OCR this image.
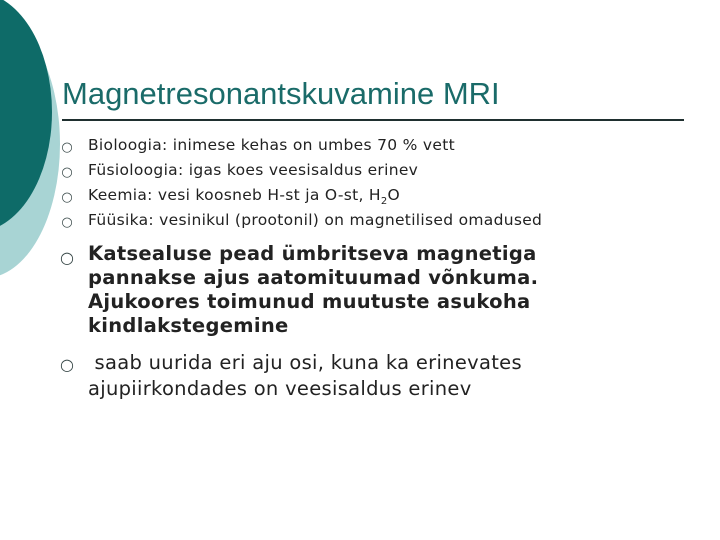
Magnetresonantskuvamine MRI
○ Bioloogia: inimese kehas on umbes 70 % vett
○ Füsioloogia: igas koes veesisaldus erinev
○ Keemia: vesi koosneb H-st ja O-st, $H_2O$
○ Füüsika: vesinikul (prootonil) on magnetilised omadused
○ Katsealuse pead ümbritseva magnetiga
pannakse ajus aatomituumad võnkuma.
Ajukoores toimunud muutuste asukoha
kindlakstegemine
○ saab uurida eri aju osi, kuna ka erinevates
ajupiirkondades on veesisaldus erinev
